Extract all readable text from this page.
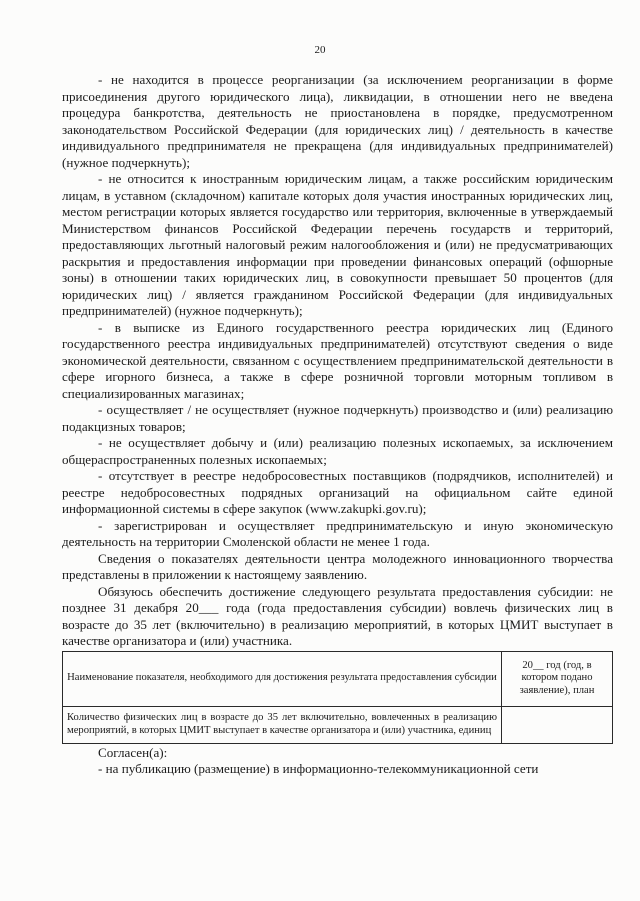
20

- не находится в процессе реорганизации (за исключением реорганизации в форме присоединения другого юридического лица), ликвидации, в отношении него не введена процедура банкротства, деятельность не приостановлена в порядке, предусмотренном законодательством Российской Федерации (для юридических лиц) / деятельность в качестве индивидуального предпринимателя не прекращена (для индивидуальных предпринимателей) (нужное подчеркнуть);

- не относится к иностранным юридическим лицам, а также российским юридическим лицам, в уставном (складочном) капитале которых доля участия иностранных юридических лиц, местом регистрации которых является государство или территория, включенные в утверждаемый Министерством финансов Российской Федерации перечень государств и территорий, предоставляющих льготный налоговый режим налогообложения и (или) не предусматривающих раскрытия и предоставления информации при проведении финансовых операций (офшорные зоны) в отношении таких юридических лиц, в совокупности превышает 50 процентов (для юридических лиц) / является гражданином Российской Федерации (для индивидуальных предпринимателей) (нужное подчеркнуть);

- в выписке из Единого государственного реестра юридических лиц (Единого государственного реестра индивидуальных предпринимателей) отсутствуют сведения о виде экономической деятельности, связанном с осуществлением предпринимательской деятельности в сфере игорного бизнеса, а также в сфере розничной торговли моторным топливом в специализированных магазинах;

- осуществляет / не осуществляет (нужное подчеркнуть) производство и (или) реализацию подакцизных товаров;

- не осуществляет добычу и (или) реализацию полезных ископаемых, за исключением общераспространенных полезных ископаемых;

- отсутствует в реестре недобросовестных поставщиков (подрядчиков, исполнителей) и реестре недобросовестных подрядных организаций на официальном сайте единой информационной системы в сфере закупок (www.zakupki.gov.ru);

- зарегистрирован и осуществляет предпринимательскую и иную экономическую деятельность на территории Смоленской области не менее 1 года.

Сведения о показателях деятельности центра молодежного инновационного творчества представлены в приложении к настоящему заявлению.

Обязуюсь обеспечить достижение следующего результата предоставления субсидии: не позднее 31 декабря 20___ года (года предоставления субсидии) вовлечь физических лиц в возрасте до 35 лет (включительно) в реализацию мероприятий, в которых ЦМИТ выступает в качестве организатора и (или) участника.

Наименование показателя, необходимого для достижения результата предоставления субсидии	20__ год (год, в котором подано заявление), план
Количество физических лиц в возрасте до 35 лет включительно, вовлеченных в реализацию мероприятий, в которых ЦМИТ выступает в качестве организатора и (или) участника, единиц	

Согласен(а):

- на публикацию (размещение) в информационно-телекоммуникационной сети
